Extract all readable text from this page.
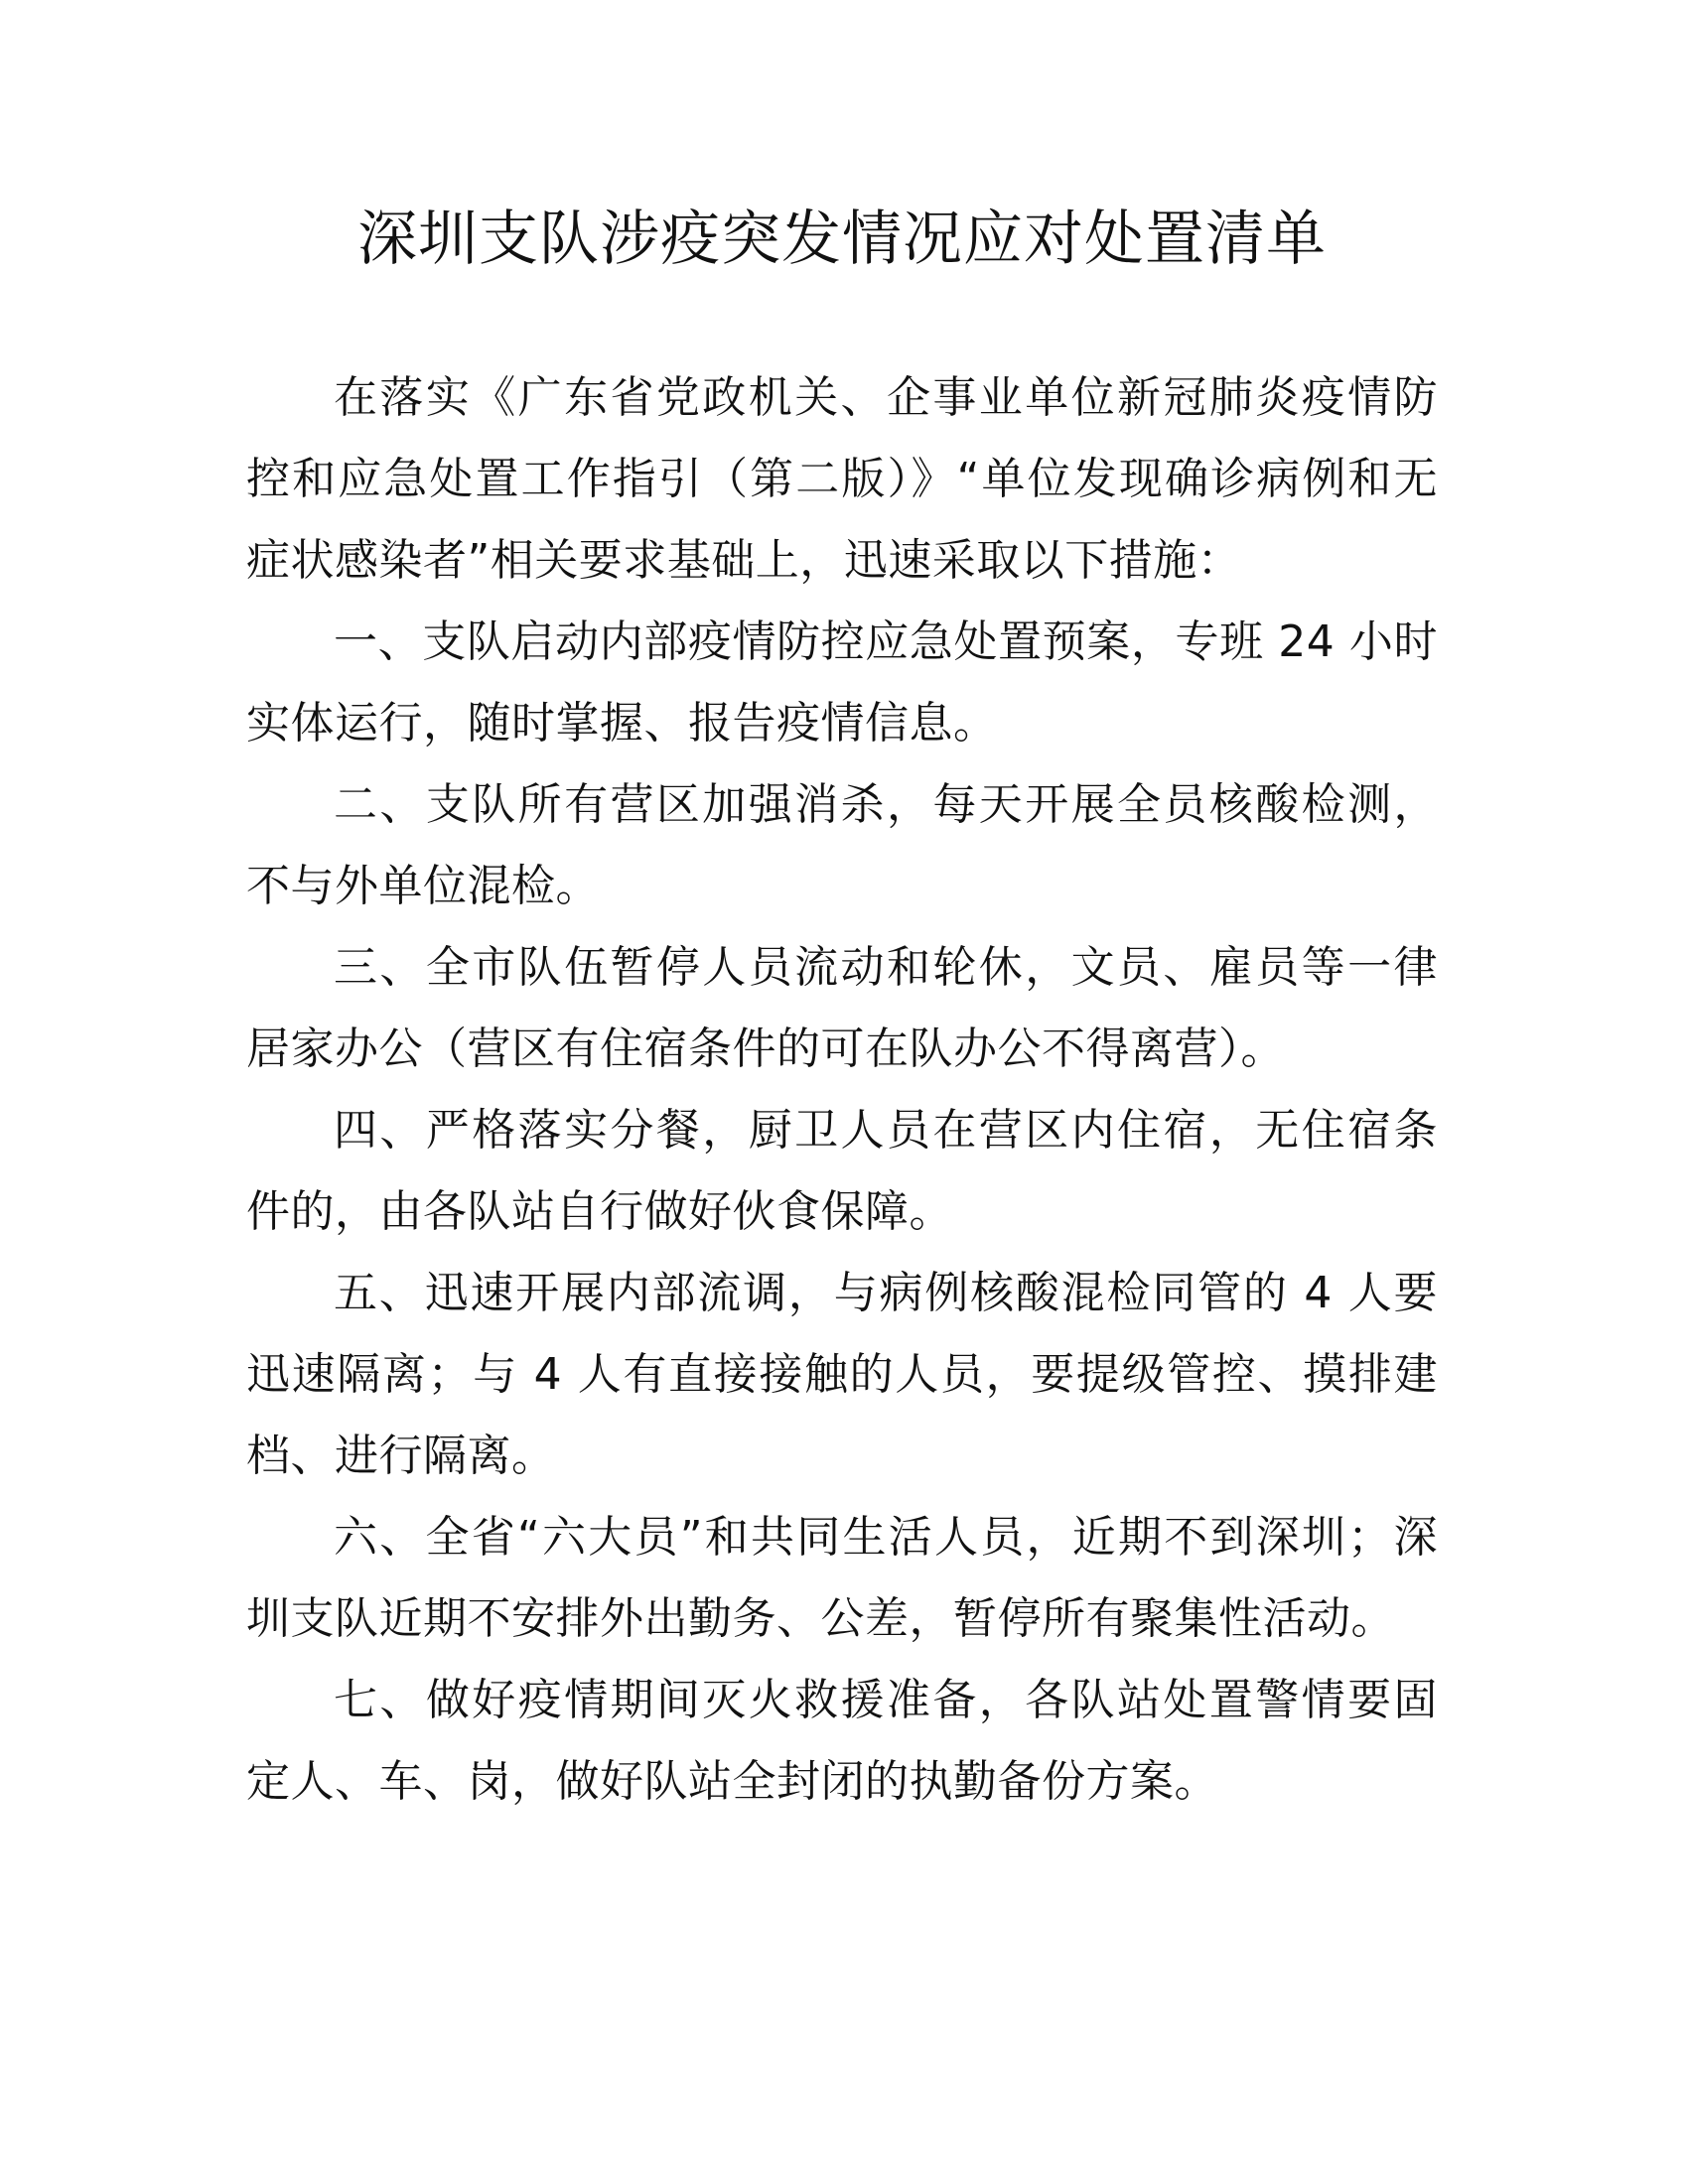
深圳支队涉疫突发情况应对处置清单

在落实《广东省党政机关、企事业单位新冠肺炎疫情防控和应急处置工作指引（第二版）》“单位发现确诊病例和无症状感染者”相关要求基础上，迅速采取以下措施：

一、支队启动内部疫情防控应急处置预案，专班 24 小时实体运行，随时掌握、报告疫情信息。

二、支队所有营区加强消杀，每天开展全员核酸检测，不与外单位混检。

三、全市队伍暂停人员流动和轮休，文员、雇员等一律居家办公（营区有住宿条件的可在队办公不得离营）。

四、严格落实分餐，厨卫人员在营区内住宿，无住宿条件的，由各队站自行做好伙食保障。

五、迅速开展内部流调，与病例核酸混检同管的 4 人要迅速隔离；与 4 人有直接接触的人员，要提级管控、摸排建档、进行隔离。

六、全省“六大员”和共同生活人员，近期不到深圳；深圳支队近期不安排外出勤务、公差，暂停所有聚集性活动。

七、做好疫情期间灭火救援准备，各队站处置警情要固定人、车、岗，做好队站全封闭的执勤备份方案。
